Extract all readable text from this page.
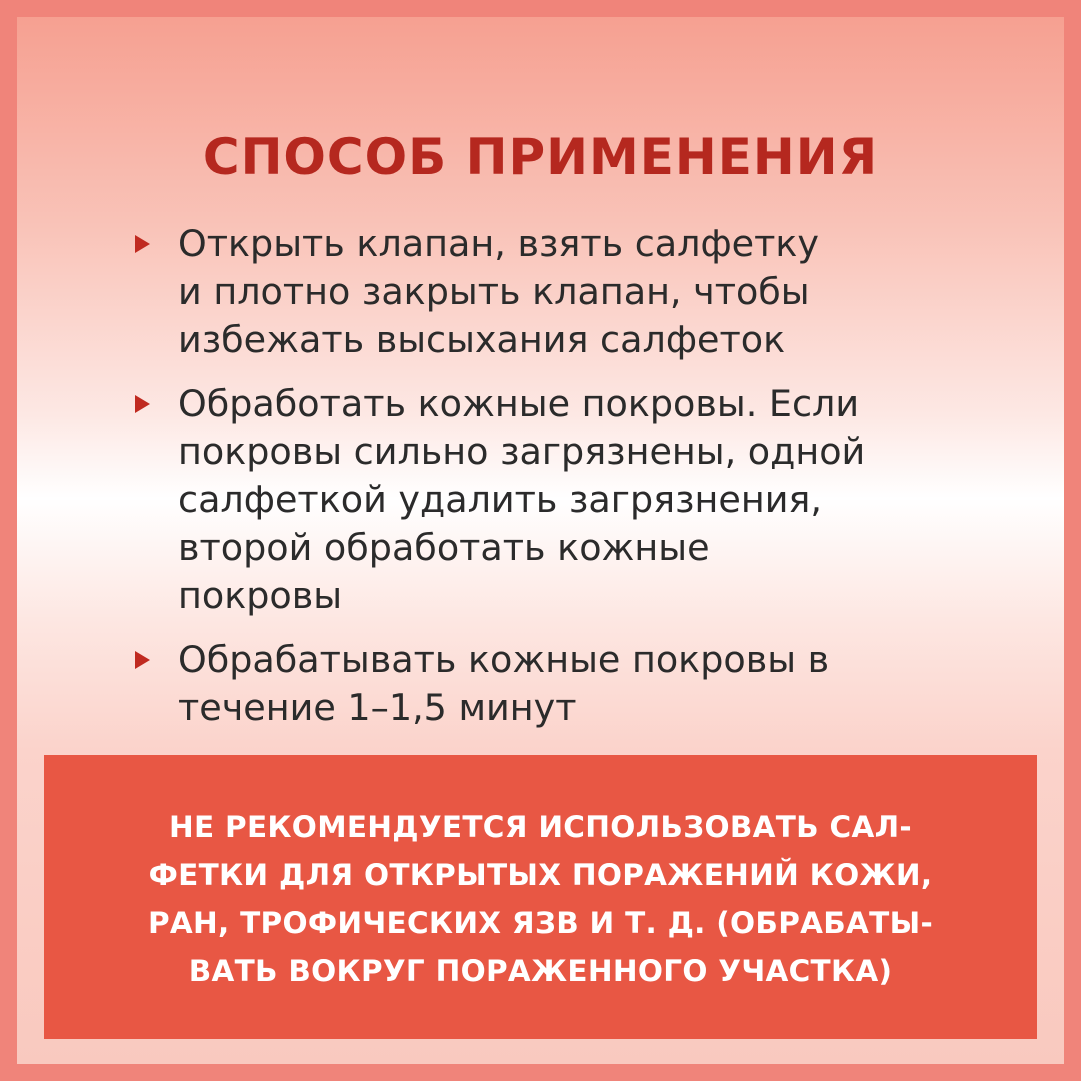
СПОСОБ ПРИМЕНЕНИЯ
Открыть клапан, взять салфетку
и плотно закрыть клапан, чтобы
избежать высыхания салфеток
Обработать кожные покровы. Если
покровы сильно загрязнены, одной
салфеткой удалить загрязнения,
второй обработать кожные
покровы
Обрабатывать кожные покровы в
течение 1–1,5 минут

НЕ РЕКОМЕНДУЕТСЯ ИСПОЛЬЗОВАТЬ САЛ-
ФЕТКИ ДЛЯ ОТКРЫТЫХ ПОРАЖЕНИЙ КОЖИ,
РАН, ТРОФИЧЕСКИХ ЯЗВ И Т. Д. (ОБРАБАТЫ-
ВАТЬ ВОКРУГ ПОРАЖЕННОГО УЧАСТКА)
